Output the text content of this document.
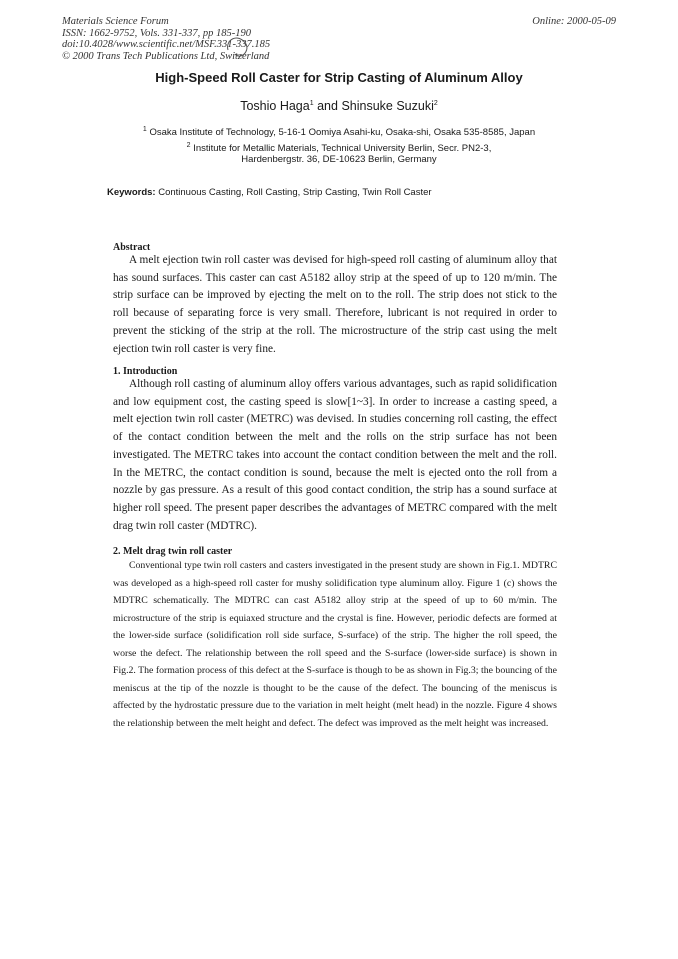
Materials Science Forum
ISSN: 1662-9752, Vols. 331-337, pp 185-190
doi:10.4028/www.scientific.net/MSF.331-337.185
© 2000 Trans Tech Publications Ltd, Switzerland
Online: 2000-05-09
High-Speed Roll Caster for Strip Casting of Aluminum Alloy
Toshio Haga$^1$ and Shinsuke Suzuki$^2$
$^1$ Osaka Institute of Technology, 5-16-1 Oomiya Asahi-ku, Osaka-shi, Osaka 535-8585, Japan
$^2$ Institute for Metallic Materials, Technical University Berlin, Secr. PN2-3,
Hardenbergstr. 36, DE-10623 Berlin, Germany
Keywords: Continuous Casting, Roll Casting, Strip Casting, Twin Roll Caster
Abstract

A melt ejection twin roll caster was devised for high-speed roll casting of aluminum alloy that has sound surfaces. This caster can cast A5182 alloy strip at the speed of up to 120 m/min. The strip surface can be improved by ejecting the melt on to the roll. The strip does not stick to the roll because of separating force is very small. Therefore, lubricant is not required in order to prevent the sticking of the strip at the roll. The microstructure of the strip cast using the melt ejection twin roll caster is very fine.

1. Introduction

Although roll casting of aluminum alloy offers various advantages, such as rapid solidification and low equipment cost, the casting speed is slow[1~3]. In order to increase a casting speed, a melt ejection twin roll caster (METRC) was devised. In studies concerning roll casting, the effect of the contact condition between the melt and the rolls on the strip surface has not been investigated. The METRC takes into account the contact condition between the melt and the roll. In the METRC, the contact condition is sound, because the melt is ejected onto the roll from a nozzle by gas pressure. As a result of this good contact condition, the strip has a sound surface at higher roll speed. The present paper describes the advantages of METRC compared with the melt drag twin roll caster (MDTRC).

2. Melt drag twin roll caster

Conventional type twin roll casters and casters investigated in the present study are shown in Fig.1. MDTRC was developed as a high-speed roll caster for mushy solidification type aluminum alloy. Figure 1 (c) shows the MDTRC schematically. The MDTRC can cast A5182 alloy strip at the speed of up to 60 m/min. The microstructure of the strip is equiaxed structure and the crystal is fine. However, periodic defects are formed at the lower-side surface (solidification roll side surface, S-surface) of the strip. The higher the roll speed, the worse the defect. The relationship between the roll speed and the S-surface (lower-side surface) is shown in Fig.2. The formation process of this defect at the S-surface is though to be as shown in Fig.3; the bouncing of the meniscus at the tip of the nozzle is thought to be the cause of the defect. The bouncing of the meniscus is affected by the hydrostatic pressure due to the variation in melt height (melt head) in the nozzle. Figure 4 shows the relationship between the melt height and defect. The defect was improved as the melt height was increased.
